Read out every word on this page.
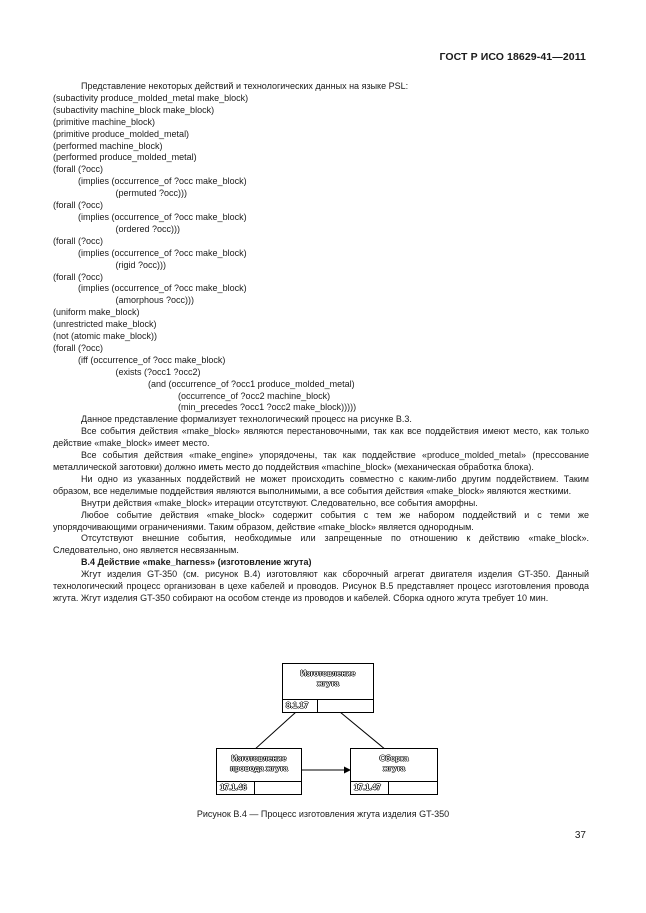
ГОСТ Р ИСО 18629-41—2011
Представление некоторых действий и технологических данных на языке PSL:
(subactivity produce_molded_metal make_block)
(subactivity machine_block make_block)
(primitive machine_block)
(primitive produce_molded_metal)
(performed machine_block)
(performed produce_molded_metal)
(forall (?occ)
(implies (occurrence_of ?occ make_block)
(permuted ?occ)))
(forall (?occ)
(implies (occurrence_of ?occ make_block)
(ordered ?occ)))
(forall (?occ)
(implies (occurrence_of ?occ make_block)
(rigid ?occ)))
(forall (?occ)
(implies (occurrence_of ?occ make_block)
(amorphous ?occ)))
(uniform make_block)
(unrestricted make_block)
(not (atomic make_block))
(forall (?occ)
(iff (occurrence_of ?occ make_block)
(exists (?occ1 ?occ2)
(and (occurrence_of ?occ1 produce_molded_metal)
(occurrence_of ?occ2 machine_block)
(min_precedes ?occ1 ?occ2 make_block)))))
Данное представление формализует технологический процесс на рисунке В.3.
Все события действия «make_block» являются перестановочными, так как все поддействия имеют место, как только действие «make_block» имеет место.
Все события действия «make_engine» упорядочены, так как поддействие «produce_molded_metal» (прессование металлической заготовки) должно иметь место до поддействия «machine_block» (механическая обработка блока).
Ни одно из указанных поддействий не может происходить совместно с каким-либо другим поддействием. Таким образом, все неделимые поддействия являются выполнимыми, а все события действия «make_block» являются жесткими.
Внутри действия «make_block» итерации отсутствуют. Следовательно, все события аморфны.
Любое событие действия «make_block» содержит события с тем же набором поддействий и с теми же упорядочивающими ограничениями. Таким образом, действие «make_block» является однородным.
Отсутствуют внешние события, необходимые или запрещенные по отношению к действию «make_block». Следовательно, оно является несвязанным.
В.4 Действие «make_harness» (изготовление жгута)
Жгут изделия GT-350 (см. рисунок В.4) изготовляют как сборочный агрегат двигателя изделия GT-350. Данный технологический процесс организован в цехе кабелей и проводов. Рисунок В.5 представляет процесс изготовления провода жгута. Жгут изделия GT-350 собирают на особом стенде из проводов и кабелей. Сборка одного жгута требует 10 мин.
Изготовление
жгута
8.1.17
Изготовление
провода жгута
17.1.46
Сборка
жгута
17.1.47
Рисунок В.4 — Процесс изготовления жгута изделия GT-350
37
